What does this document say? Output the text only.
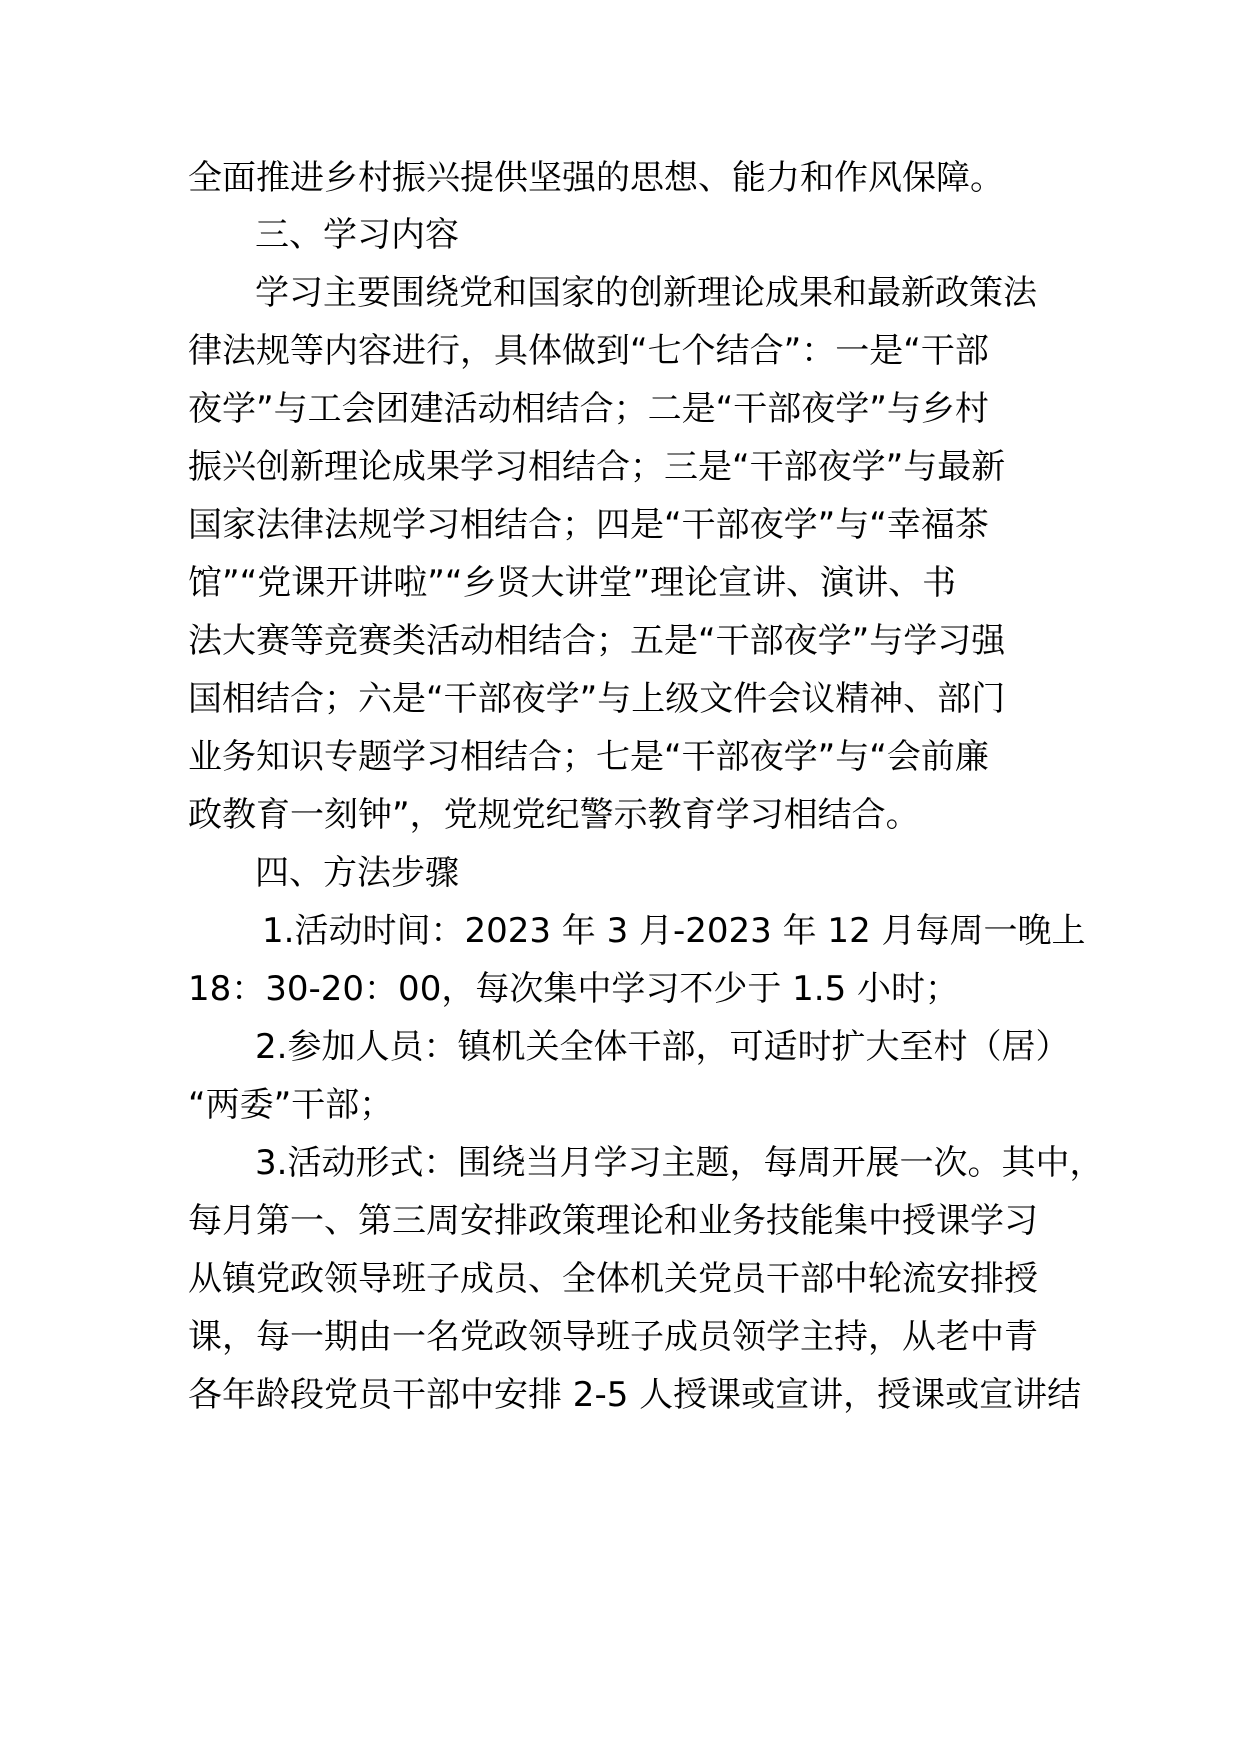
全面推进乡村振兴提供坚强的思想、能力和作风保障。
三、学习内容
学习主要围绕党和国家的创新理论成果和最新政策法
律法规等内容进行，具体做到“七个结合”：一是“干部
夜学”与工会团建活动相结合；二是“干部夜学”与乡村
振兴创新理论成果学习相结合；三是“干部夜学”与最新
国家法律法规学习相结合；四是“干部夜学”与“幸福茶
馆”“党课开讲啦”“乡贤大讲堂”理论宣讲、演讲、书
法大赛等竞赛类活动相结合；五是“干部夜学”与学习强
国相结合；六是“干部夜学”与上级文件会议精神、部门
业务知识专题学习相结合；七是“干部夜学”与“会前廉
政教育一刻钟”，党规党纪警示教育学习相结合。
四、方法步骤
1.活动时间：2023 年 3 月-2023 年 12 月每周一晚上
18：30-20：00，每次集中学习不少于 1.5 小时；
2.参加人员：镇机关全体干部，可适时扩大至村（居）
“两委”干部；
3.活动形式：围绕当月学习主题，每周开展一次。其中，
每月第一、第三周安排政策理论和业务技能集中授课学习
从镇党政领导班子成员、全体机关党员干部中轮流安排授
课，每一期由一名党政领导班子成员领学主持，从老中青
各年龄段党员干部中安排 2-5 人授课或宣讲，授课或宣讲结
